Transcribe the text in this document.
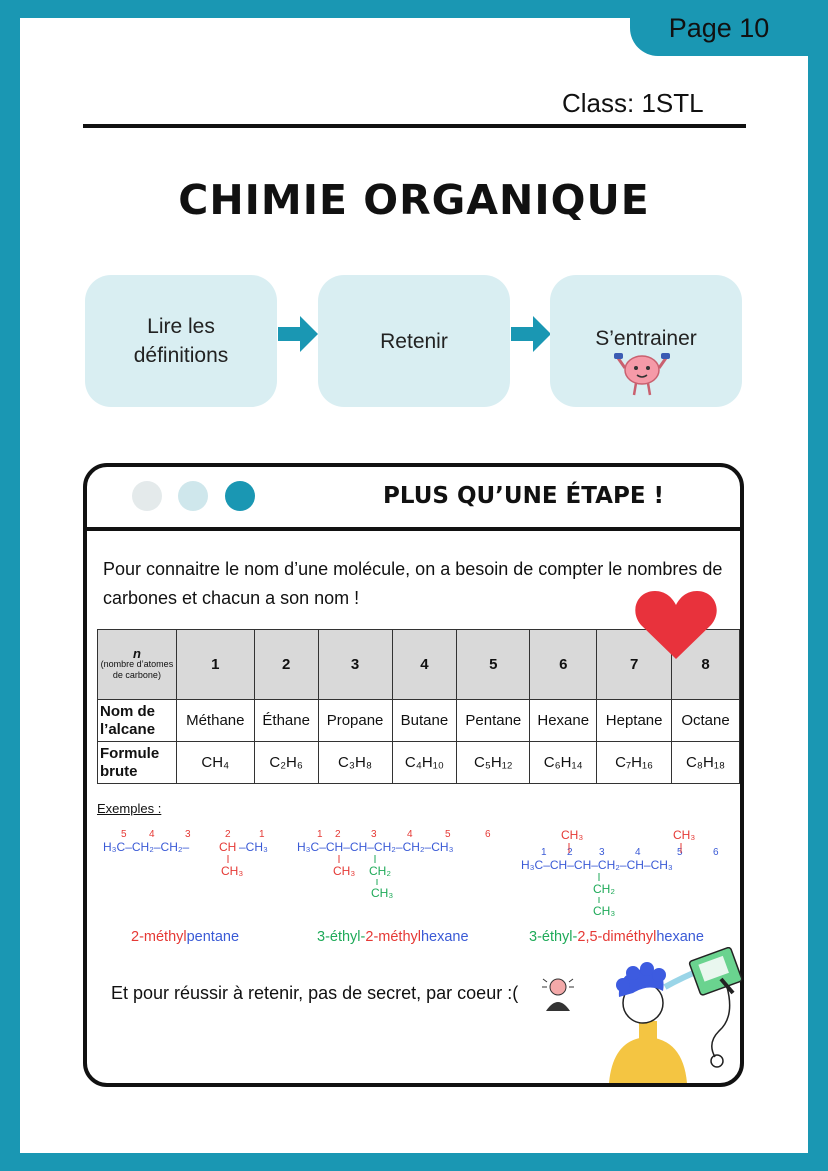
Page 10
Class: 1STL
CHIMIE ORGANIQUE
Lire les définitions
Retenir	S’entrainer
PLUS QU’UNE ÉTAPE !
Pour connaitre le nom d’une molécule, on a besoin de compter le nombres de carbones et chacun a son nom !
n
(nombre d’atomes de carbone)	1	2	3	4	5	6	7	8
Nom de l’alcane	Méthane	Éthane	Propane	Butane	Pentane	Hexane	Heptane	Octane
Formule brute	CH₄	C₂H₆	C₃H₈	C₄H₁₀	C₅H₁₂	C₆H₁₄	C₇H₁₆	C₈H₁₈
Exemples :
5 4	3	2	1
H₃C–CH₂–CH₂– CH –CH₃
CH₃
1 2	3	4	5	6
H₃C–CH–CH–CH₂–CH₂–CH₃
CH₃ CH₂
CH₃
CH₃	CH₃
1 2	3	4	5	6
H₃C–CH–CH–CH₂–CH–CH₃
CH₂
CH₃
2-méthylpentane	3-éthyl-2-méthylhexane	3-éthyl-2,5-diméthylhexane
Et pour réussir à retenir, pas de secret, par coeur :(
